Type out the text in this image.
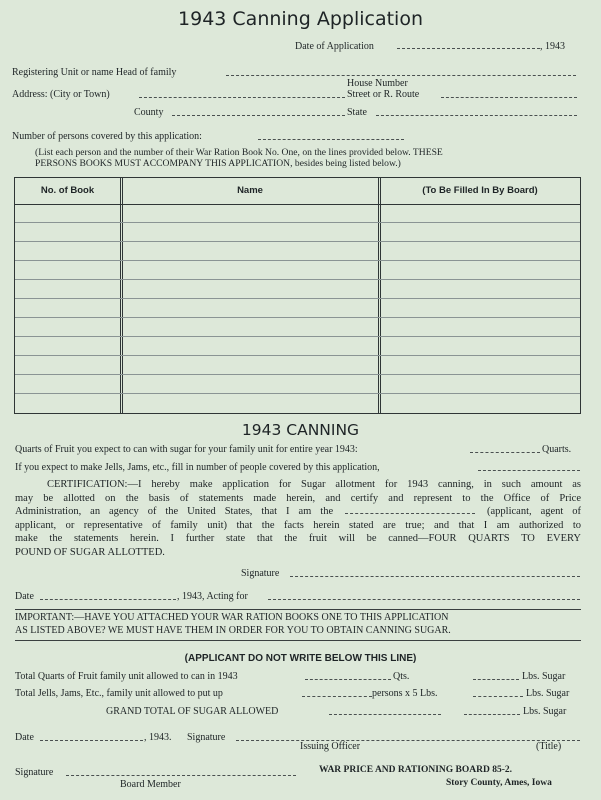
1943 Canning Application
Date of Application	, 1943
Registering Unit or name Head of family
House Number
Address: (City or Town)	Street or R. Route
County	State
Number of persons covered by this application:
(List each person and the number of their War Ration Book No. One, on the lines provided below. THESE
PERSONS BOOKS MUST ACCOMPANY THIS APPLICATION, besides being listed below.)
No. of Book	Name	(To Be Filled In By Board)
1943 CANNING
Quarts of Fruit you expect to can with sugar for your family unit for entire year 1943:	Quarts.
If you expect to make Jells, Jams, etc., fill in number of people covered by this application,
CERTIFICATION:—I hereby make application for Sugar allotment for 1943 canning, in such amount as
may be allotted on the basis of statements made herein, and certify and represent to the Office of Price
Administration, an agency of the United States, that I am the	(applicant, agent of
applicant, or representative of family unit) that the facts herein stated are true; and that I am authorized to
make the statements herein. I further state that the fruit will be canned—FOUR QUARTS TO EVERY
POUND OF SUGAR ALLOTTED.
Signature
Date	, 1943, Acting for
IMPORTANT:—HAVE YOU ATTACHED YOUR WAR RATION BOOKS ONE TO THIS APPLICATION
AS LISTED ABOVE? WE MUST HAVE THEM IN ORDER FOR YOU TO OBTAIN CANNING SUGAR.
(APPLICANT DO NOT WRITE BELOW THIS LINE)
Total Quarts of Fruit family unit allowed to can in 1943	Qts.	Lbs. Sugar
Total Jells, Jams, Etc., family unit allowed to put up	persons x 5 Lbs.	Lbs. Sugar
GRAND TOTAL OF SUGAR ALLOWED	Lbs. Sugar
Date	, 1943. Signature
Issuing Officer	(Title)
Signature
Board Member
WAR PRICE AND RATIONING BOARD 85-2.
Story County, Ames, Iowa
